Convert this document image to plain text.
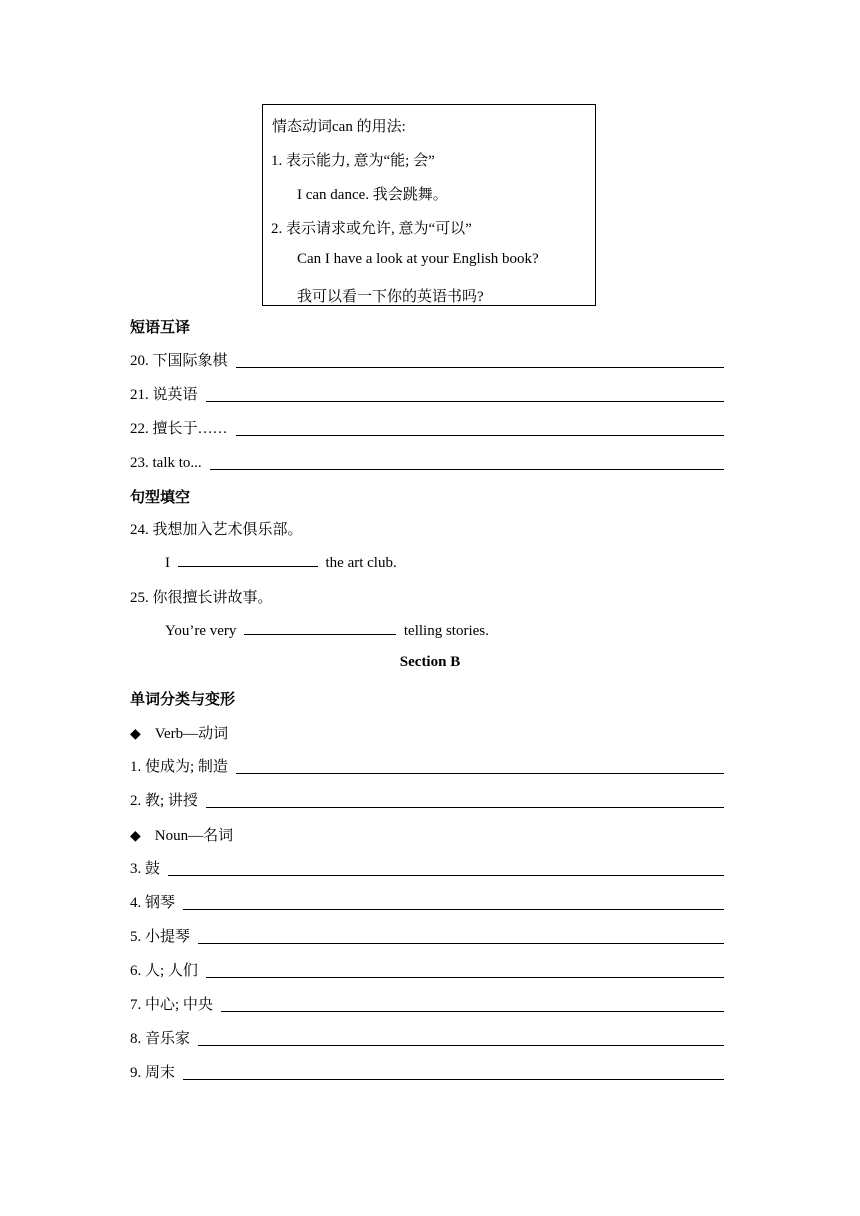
情态动词can 的用法:
1. 表示能力, 意为“能; 会”
I can dance. 我会跳舞。
2. 表示请求或允许, 意为“可以”
Can I have a look at your English book?
我可以看一下你的英语书吗?
短语互译
20. 下国际象棋
21. 说英语
22. 擅长于……
23. talk to...
句型填空
24. 我想加入艺术俱乐部。
I	the art club.
25. 你很擅长讲故事。
You’re very	telling stories.
Section B
单词分类与变形
◆ Verb—动词
1. 使成为; 制造
2. 教; 讲授
◆ Noun—名词
3. 鼓
4. 钢琴
5. 小提琴
6. 人; 人们
7. 中心; 中央
8. 音乐家
9. 周末
